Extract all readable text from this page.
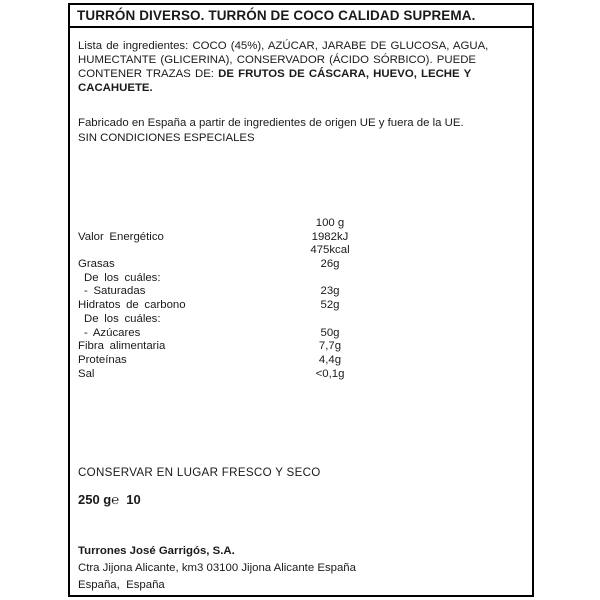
TURRÓN DIVERSO. TURRÓN DE COCO CALIDAD SUPREMA.
Lista de ingredientes: COCO (45%), AZÚCAR, JARABE DE GLUCOSA, AGUA, HUMECTANTE (GLICERINA), CONSERVADOR (ÁCIDO SÓRBICO). PUEDE CONTENER TRAZAS DE: DE FRUTOS DE CÁSCARA, HUEVO, LECHE Y CACAHUETE.
Fabricado en España a partir de ingredientes de origen UE y fuera de la UE.
SIN CONDICIONES ESPECIALES
100 g
Valor Energético	1982kJ
475kcal
Grasas	26g
De los cuáles:
- Saturadas	23g
Hidratos de carbono	52g
De los cuáles:
- Azúcares	50g
Fibra alimentaria	7,7g
Proteínas	4,4g
Sal	<0,1g
CONSERVAR EN LUGAR FRESCO Y SECO
250 g℮  10
Turrones José Garrigós, S.A.
Ctra Jijona Alicante, km3 03100 Jijona Alicante España
España,  España
